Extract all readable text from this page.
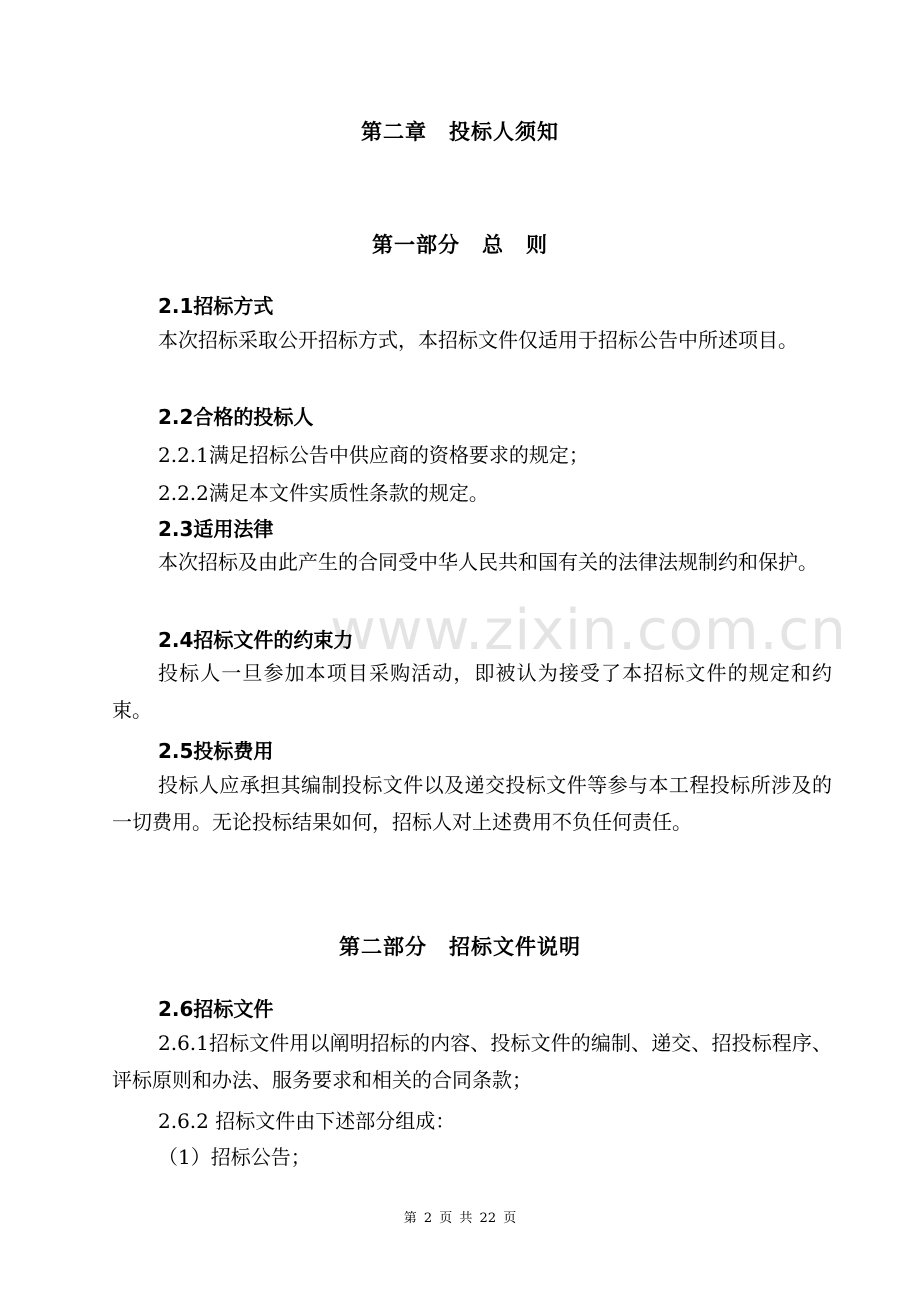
www.zixin.com.cn
第二章　投标人须知
第一部分　总　则
2.1招标方式
本次招标采取公开招标方式，本招标文件仅适用于招标公告中所述项目。
2.2合格的投标人
2.2.1满足招标公告中供应商的资格要求的规定；
2.2.2满足本文件实质性条款的规定。
2.3适用法律
本次招标及由此产生的合同受中华人民共和国有关的法律法规制约和保护。
2.4招标文件的约束力
投标人一旦参加本项目采购活动，即被认为接受了本招标文件的规定和约束。
2.5投标费用
投标人应承担其编制投标文件以及递交投标文件等参与本工程投标所涉及的一切费用。无论投标结果如何，招标人对上述费用不负任何责任。
第二部分　招标文件说明
2.6招标文件
2.6.1招标文件用以阐明招标的内容、投标文件的编制、递交、招投标程序、评标原则和办法、服务要求和相关的合同条款；
2.6.2 招标文件由下述部分组成：
（1）招标公告；
第 2 页 共 22 页
